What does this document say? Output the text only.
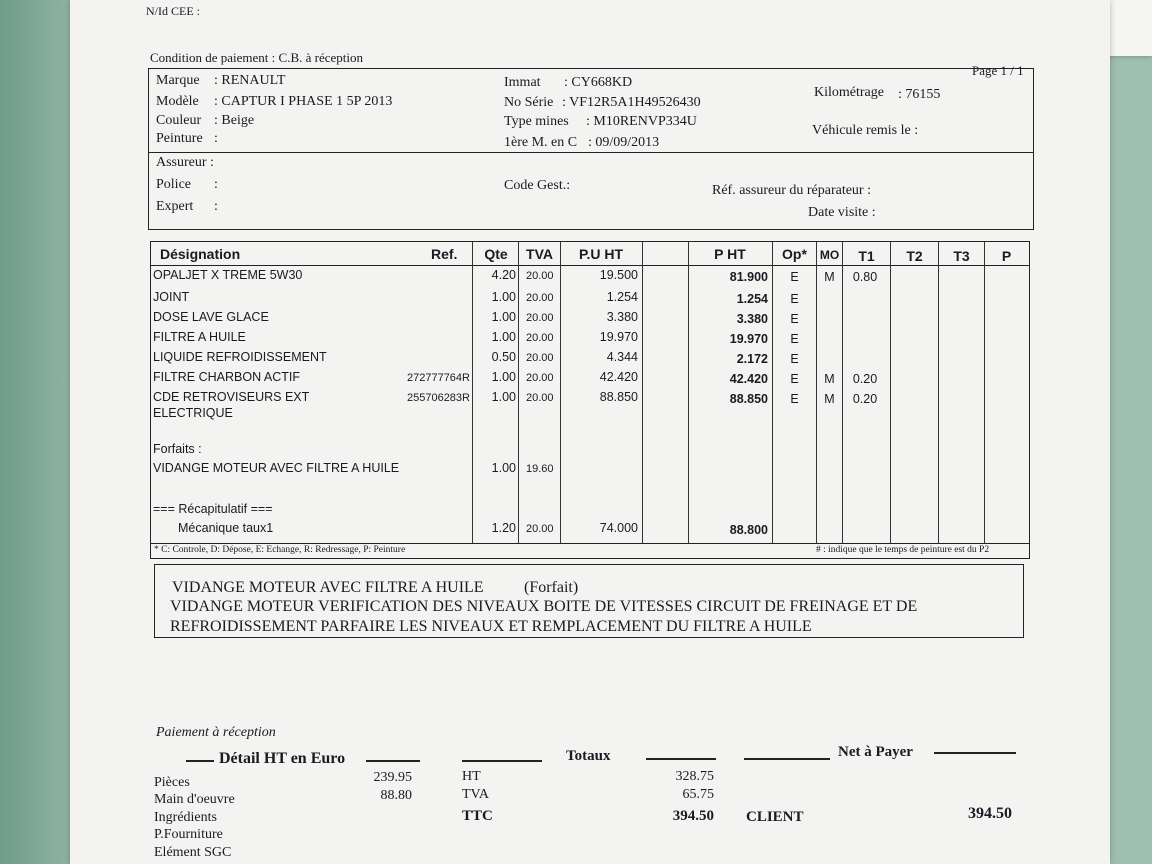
N/Id CEE :
Condition de paiement : C.B. à réception
Page 1 / 1
Marque : RENAULT
Modèle : CAPTUR I PHASE 1 5P 2013
Couleur : Beige
Peinture :
Immat : CY668KD
No Série : VF12R5A1H49526430
Type mines : M10RENVP334U
1ère M. en C : 09/09/2013
Kilométrage : 76155
Véhicule remis le :
Assureur :
Police :
Expert :
Code Gest.:	Réf. assureur du réparateur :
Date visite :
Désignation	Ref.	Qte	TVA	P.U HT	P HT	Op*	MO	T1	T2	T3	P
OPALJET X TREME 5W30	4.20 20.00	19.500	81.900	E	M	0.80
JOINT	1.00 20.00	1.254	1.254	E
DOSE LAVE GLACE	1.00 20.00	3.380	3.380	E
FILTRE A HUILE	1.00 20.00	19.970	19.970	E
LIQUIDE REFROIDISSEMENT	0.50 20.00	4.344	2.172	E
FILTRE CHARBON ACTIF	272777764R	1.00 20.00	42.420	42.420	E	M	0.20
CDE RETROVISEURS EXT	255706283R	1.00 20.00	88.850	88.850	E	M	0.20
ELECTRIQUE
Forfaits :
VIDANGE MOTEUR AVEC FILTRE A HUILE	1.00 19.60
=== Récapitulatif ===
Mécanique taux1	1.20 20.00	74.000	88.800
* C: Controle, D: Dépose, E: Echange, R: Redressage, P: Peinture	# : indique que le temps de peinture est du P2
VIDANGE MOTEUR AVEC FILTRE A HUILE	(Forfait)
VIDANGE MOTEUR VERIFICATION DES NIVEAUX BOITE DE VITESSES CIRCUIT DE FREINAGE ET DE
REFROIDISSEMENT PARFAIRE LES NIVEAUX ET REMPLACEMENT DU FILTRE A HUILE
Paiement à réception
Détail HT en Euro	Totaux	Net à Payer
Pièces	239.95
Main d'oeuvre	88.80
Ingrédients
P.Fourniture
Elément SGC
HT	328.75
TVA	65.75
TTC	394.50 CLIENT	394.50
